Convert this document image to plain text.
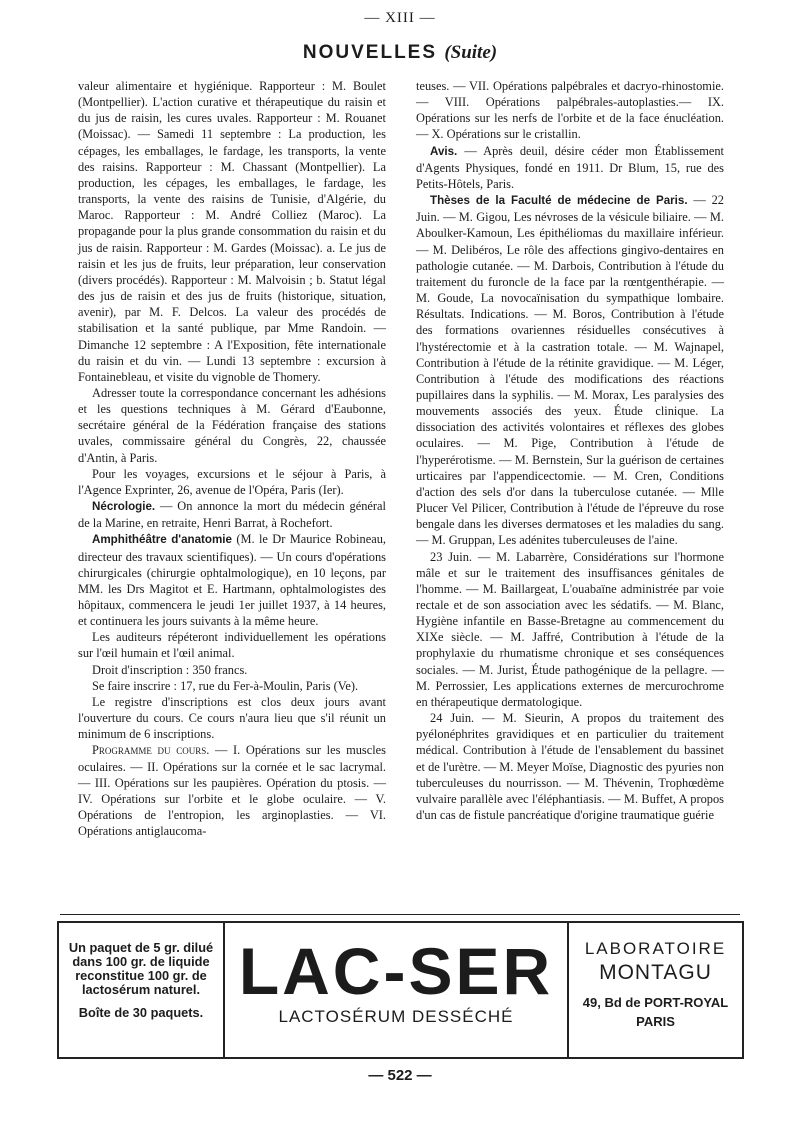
— XIII —
NOUVELLES (Suite)

valeur alimentaire et hygiénique. Rapporteur : M. Boulet (Montpellier). L'action curative et thérapeutique du raisin et du jus de raisin, les cures uvales. Rapporteur : M. Rouanet (Moissac). — Samedi 11 septembre : La production, les cépages, les emballages, le fardage, les transports, la vente des raisins. Rapporteur : M. Chassant (Montpellier). La production, les cépages, les emballages, le fardage, les transports, la vente des raisins de Tunisie, d'Algérie, du Maroc. Rapporteur : M. André Colliez (Maroc). La propagande pour la plus grande consommation du raisin et du jus de raisin. Rapporteur : M. Gardes (Moissac). a. Le jus de raisin et les jus de fruits, leur préparation, leur conservation (divers procédés). Rapporteur : M. Malvoisin ; b. Statut légal des jus de raisin et des jus de fruits (historique, situation, avenir), par M. F. Delcos. La valeur des procédés de stabilisation et la santé publique, par Mme Randoin. — Dimanche 12 septembre : A l'Exposition, fête internationale du raisin et du vin. — Lundi 13 septembre : excursion à Fontainebleau, et visite du vignoble de Thomery.

Adresser toute la correspondance concernant les adhésions et les questions techniques à M. Gérard d'Eaubonne, secrétaire général de la Fédération française des stations uvales, commissaire général du Congrès, 22, chaussée d'Antin, à Paris.

Pour les voyages, excursions et le séjour à Paris, à l'Agence Exprinter, 26, avenue de l'Opéra, Paris (Ier).

Nécrologie. — On annonce la mort du médecin général de la Marine, en retraite, Henri Barrat, à Rochefort.

Amphithéâtre d'anatomie (M. le Dr Maurice Robineau, directeur des travaux scientifiques). — Un cours d'opérations chirurgicales (chirurgie ophtalmologique), en 10 leçons, par MM. les Drs Magitot et E. Hartmann, ophtalmologistes des hôpitaux, commencera le jeudi 1er juillet 1937, à 14 heures, et continuera les jours suivants à la même heure.

Les auditeurs répéteront individuellement les opérations sur l'œil humain et l'œil animal.

Droit d'inscription : 350 francs.

Se faire inscrire : 17, rue du Fer-à-Moulin, Paris (Ve).

Le registre d'inscriptions est clos deux jours avant l'ouverture du cours. Ce cours n'aura lieu que s'il réunit un minimum de 6 inscriptions.

Programme du cours. — I. Opérations sur les muscles oculaires. — II. Opérations sur la cornée et le sac lacrymal. — III. Opérations sur les paupières. Opération du ptosis. — IV. Opérations sur l'orbite et le globe oculaire. — V. Opérations de l'entropion, les arginoplasties. — VI. Opérations antiglaucoma-

teuses. — VII. Opérations palpébrales et dacryo-rhinostomie. — VIII. Opérations palpébrales-autoplasties.— IX. Opérations sur les nerfs de l'orbite et de la face énucléation. — X. Opérations sur le cristallin.

Avis. — Après deuil, désire céder mon Établissement d'Agents Physiques, fondé en 1911. Dr Blum, 15, rue des Petits-Hôtels, Paris.

Thèses de la Faculté de médecine de Paris. — 22 Juin. — M. Gigou, Les névroses de la vésicule biliaire. — M. Aboulker-Kamoun, Les épithéliomas du maxillaire inférieur. — M. Delibéros, Le rôle des affections gingivo-dentaires en pathologie cutanée. — M. Darbois, Contribution à l'étude du traitement du furoncle de la face par la rœntgenthérapie. — M. Goude, La novocaïnisation du sympathique lombaire. Résultats. Indications. — M. Boros, Contribution à l'étude des formations ovariennes résiduelles consécutives à l'hystérectomie et à la castration totale. — M. Wajnapel, Contribution à l'étude de la rétinite gravidique. — M. Léger, Contribution à l'étude des modifications des réactions pupillaires dans la syphilis. — M. Morax, Les paralysies des mouvements associés des yeux. Étude clinique. La dissociation des activités volontaires et réflexes des globes oculaires. — M. Pige, Contribution à l'étude de l'hyperérotisme. — M. Bernstein, Sur la guérison de certaines urticaires par l'appendicectomie. — M. Cren, Conditions d'action des sels d'or dans la tuberculose cutanée. — Mlle Plucer Vel Pilicer, Contribution à l'étude de l'épreuve du rose bengale dans les diverses dermatoses et les maladies du sang. — M. Gruppan, Les adénites tuberculeuses de l'aine.

23 Juin. — M. Labarrère, Considérations sur l'hormone mâle et sur le traitement des insuffisances génitales de l'homme. — M. Baillargeat, L'ouabaïne administrée par voie rectale et de son association avec les sédatifs. — M. Blanc, Hygiène infantile en Basse-Bretagne au commencement du XIXe siècle. — M. Jaffré, Contribution à l'étude de la prophylaxie du rhumatisme chronique et ses conséquences sociales. — M. Jurist, Étude pathogénique de la pellagre. — M. Perrossier, Les applications externes de mercurochrome en thérapeutique dermatologique.

24 Juin. — M. Sieurin, A propos du traitement des pyélonéphrites gravidiques et en particulier du traitement médical. Contribution à l'étude de l'ensablement du bassinet et de l'urètre. — M. Meyer Moïse, Diagnostic des pyuries non tuberculeuses du nourrisson. — M. Thévenin, Trophœdème vulvaire parallèle avec l'éléphantiasis. — M. Buffet, A propos d'un cas de fistule pancréatique d'origine traumatique guérie

Un paquet de 5 gr. dilué dans 100 gr. de liquide reconstitue 100 gr. de lactosérum naturel.
Boîte de 30 paquets.
LAC-SER
LACTOSÉRUM DESSÉCHÉ
LABORATOIRE
MONTAGU
49, Bd de PORT-ROYAL
PARIS
— 522 —
